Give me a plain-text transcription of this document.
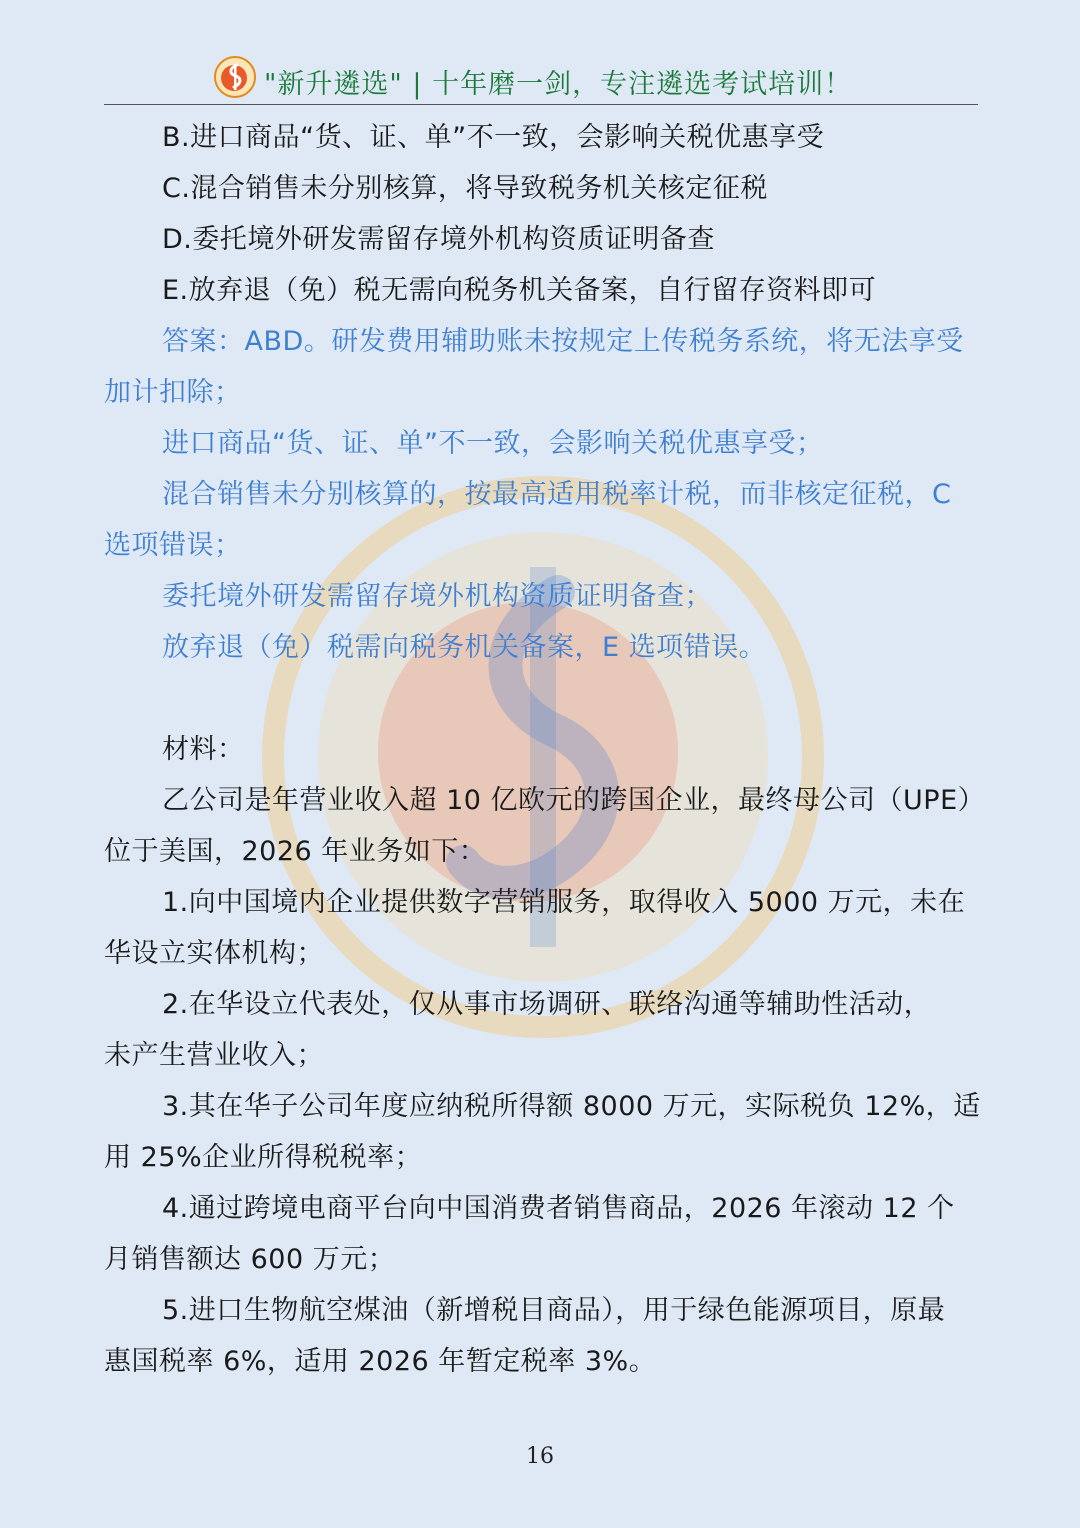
"新升遴选" | 十年磨一剑，专注遴选考试培训！
B.进口商品“货、证、单”不一致，会影响关税优惠享受
C.混合销售未分别核算，将导致税务机关核定征税
D.委托境外研发需留存境外机构资质证明备查
E.放弃退（免）税无需向税务机关备案，自行留存资料即可
答案：ABD。研发费用辅助账未按规定上传税务系统，将无法享受
加计扣除；
进口商品“货、证、单”不一致，会影响关税优惠享受；
混合销售未分别核算的，按最高适用税率计税，而非核定征税，C
选项错误；
委托境外研发需留存境外机构资质证明备查；
放弃退（免）税需向税务机关备案，E 选项错误。
材料：
乙公司是年营业收入超 10 亿欧元的跨国企业，最终母公司（UPE）
位于美国，2026 年业务如下：
1.向中国境内企业提供数字营销服务，取得收入 5000 万元，未在
华设立实体机构；
2.在华设立代表处，仅从事市场调研、联络沟通等辅助性活动，
未产生营业收入；
3.其在华子公司年度应纳税所得额 8000 万元，实际税负 12%，适
用 25%企业所得税税率；
4.通过跨境电商平台向中国消费者销售商品，2026 年滚动 12 个
月销售额达 600 万元；
5.进口生物航空煤油（新增税目商品），用于绿色能源项目，原最
惠国税率 6%，适用 2026 年暂定税率 3%。
16
